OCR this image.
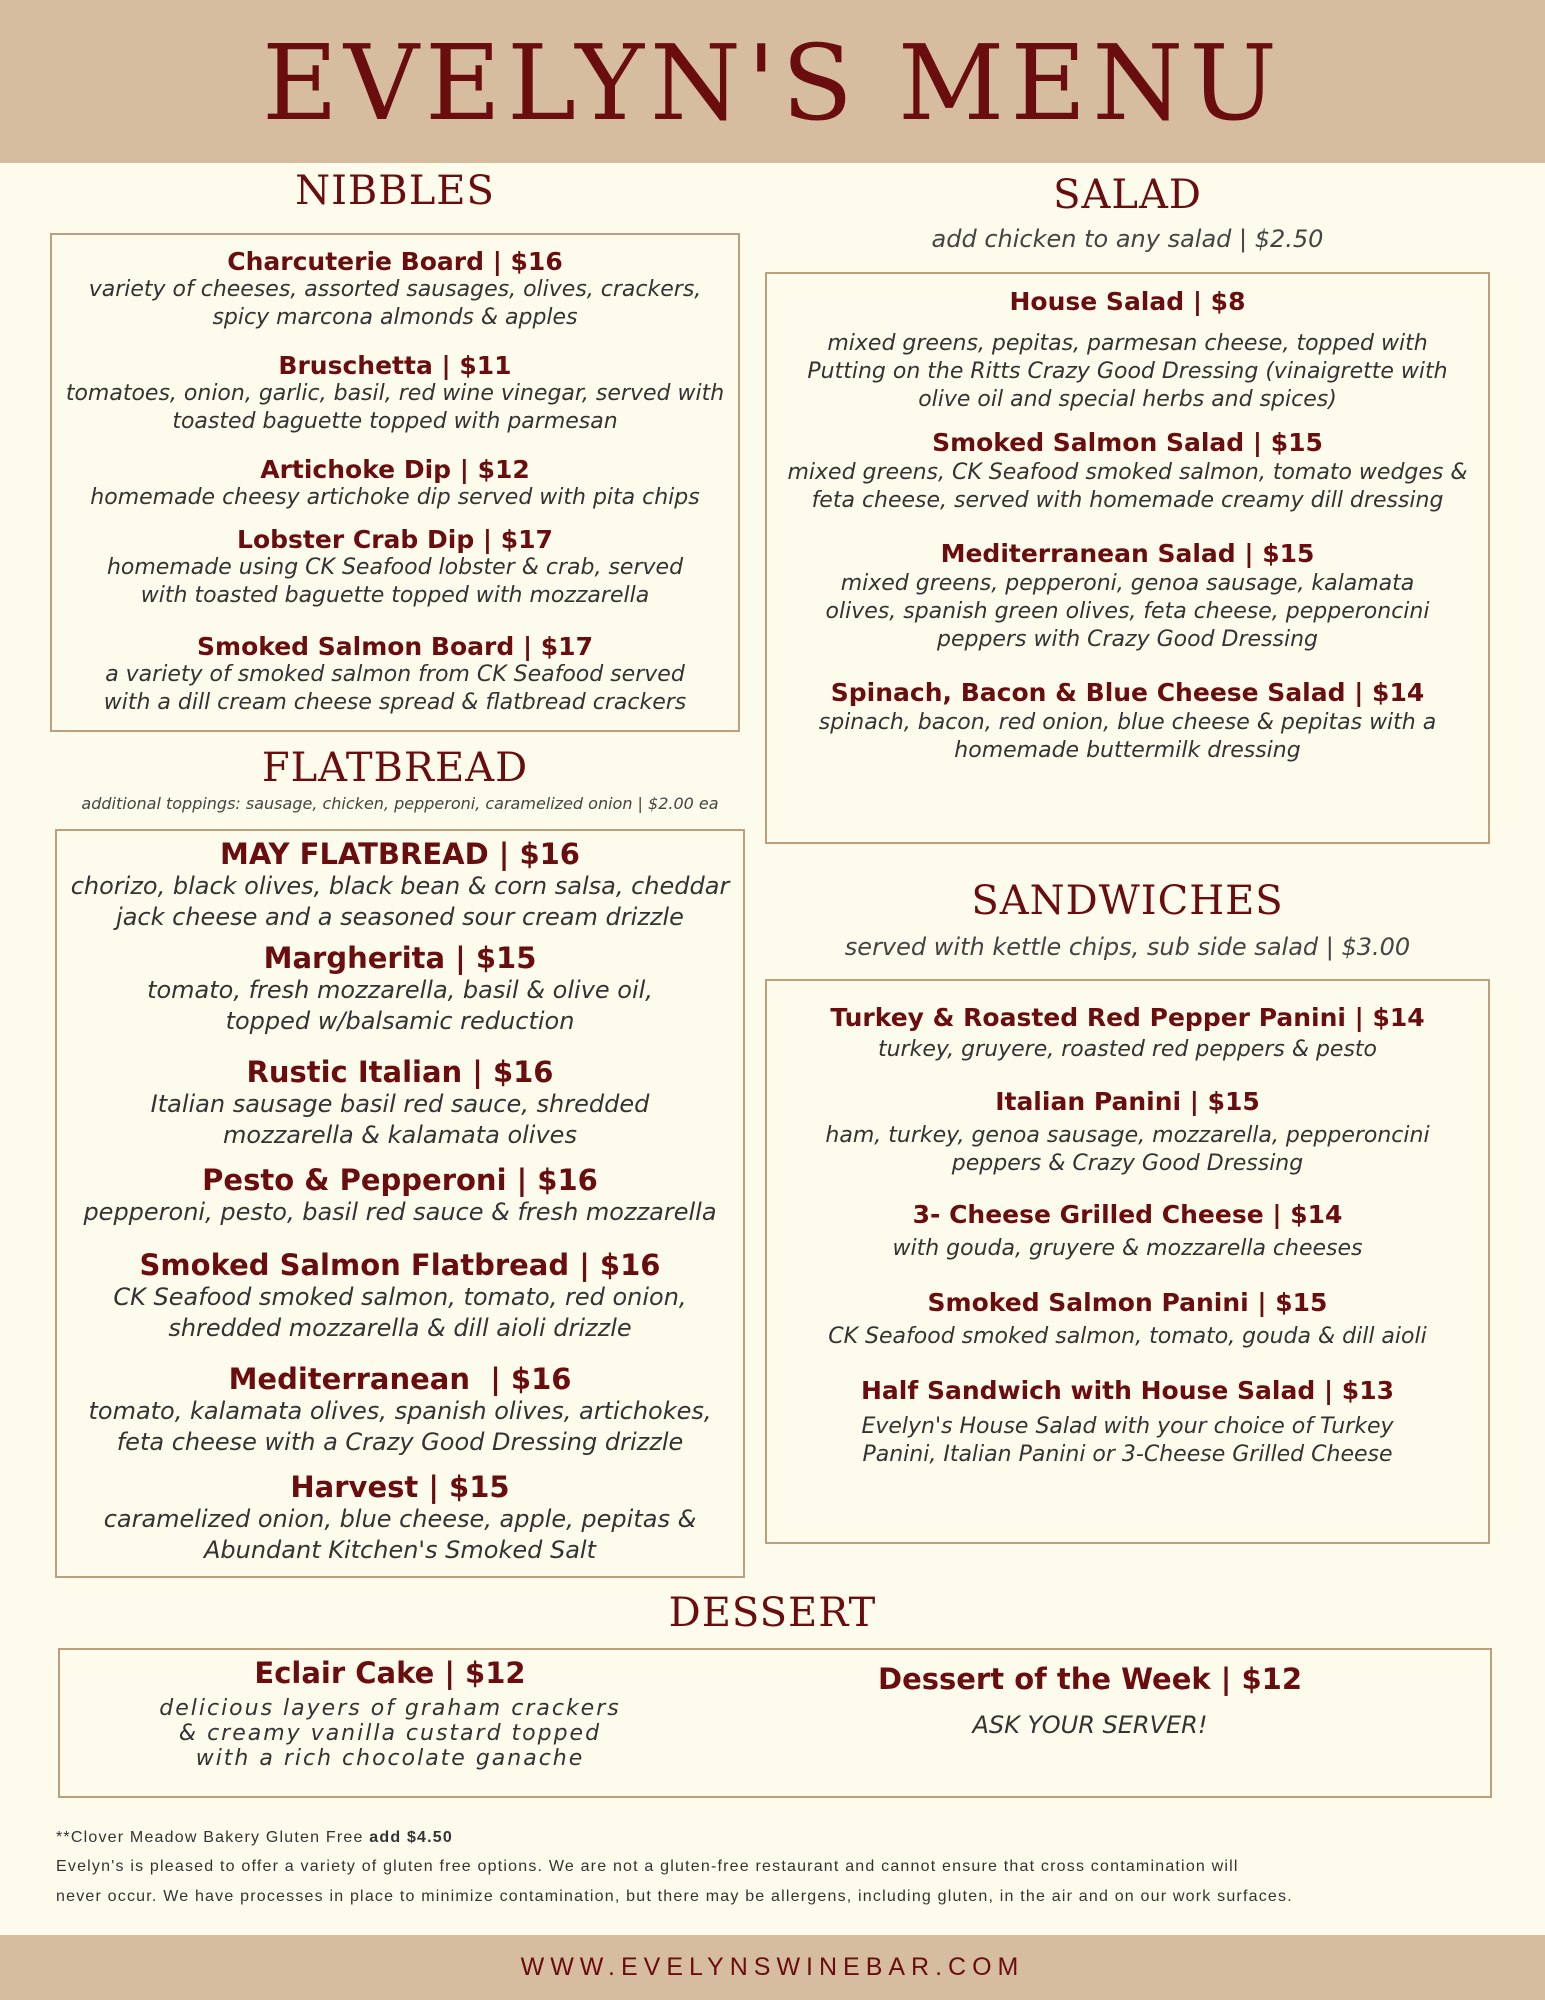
EVELYN'S MENU
NIBBLES
Charcuterie Board | $16
variety of cheeses, assorted sausages, olives, crackers,
spicy marcona almonds & apples
Bruschetta | $11
tomatoes, onion, garlic, basil, red wine vinegar, served with
toasted baguette topped with parmesan
Artichoke Dip | $12
homemade cheesy artichoke dip served with pita chips
Lobster Crab Dip | $17
homemade using CK Seafood lobster & crab, served
with toasted baguette topped with mozzarella
Smoked Salmon Board | $17
a variety of smoked salmon from CK Seafood served
with a dill cream cheese spread & flatbread crackers
FLATBREAD
additional toppings: sausage, chicken, pepperoni, caramelized onion | $2.00 ea
MAY FLATBREAD | $16
chorizo, black olives, black bean & corn salsa, cheddar
jack cheese and a seasoned sour cream drizzle
Margherita | $15
tomato, fresh mozzarella, basil & olive oil,
topped w/balsamic reduction
Rustic Italian | $16
Italian sausage basil red sauce, shredded
mozzarella & kalamata olives
Pesto & Pepperoni | $16
pepperoni, pesto, basil red sauce & fresh mozzarella
Smoked Salmon Flatbread | $16
CK Seafood smoked salmon, tomato, red onion,
shredded mozzarella & dill aioli drizzle
Mediterranean  | $16
tomato, kalamata olives, spanish olives, artichokes,
feta cheese with a Crazy Good Dressing drizzle
Harvest | $15
caramelized onion, blue cheese, apple, pepitas &
Abundant Kitchen's Smoked Salt
SALAD
add chicken to any salad | $2.50
House Salad | $8
mixed greens, pepitas, parmesan cheese, topped with
Putting on the Ritts Crazy Good Dressing (vinaigrette with
olive oil and special herbs and spices)
Smoked Salmon Salad | $15
mixed greens, CK Seafood smoked salmon, tomato wedges &
feta cheese, served with homemade creamy dill dressing
Mediterranean Salad | $15
mixed greens, pepperoni, genoa sausage, kalamata
olives, spanish green olives, feta cheese, pepperoncini
peppers with Crazy Good Dressing
Spinach, Bacon & Blue Cheese Salad | $14
spinach, bacon, red onion, blue cheese & pepitas with a
homemade buttermilk dressing
SANDWICHES
served with kettle chips, sub side salad | $3.00
Turkey & Roasted Red Pepper Panini | $14
turkey, gruyere, roasted red peppers & pesto
Italian Panini | $15
ham, turkey, genoa sausage, mozzarella, pepperoncini
peppers & Crazy Good Dressing
3- Cheese Grilled Cheese | $14
with gouda, gruyere & mozzarella cheeses
Smoked Salmon Panini | $15
CK Seafood smoked salmon, tomato, gouda & dill aioli
Half Sandwich with House Salad | $13
Evelyn's House Salad with your choice of Turkey
Panini, Italian Panini or 3-Cheese Grilled Cheese
DESSERT
Eclair Cake | $12
delicious layers of graham crackers
& creamy vanilla custard topped
with a rich chocolate ganache
Dessert of the Week | $12
ASK YOUR SERVER!
**Clover Meadow Bakery Gluten Free add $4.50
Evelyn's is pleased to offer a variety of gluten free options. We are not a gluten-free restaurant and cannot ensure that cross contamination will
never occur. We have processes in place to minimize contamination, but there may be allergens, including gluten, in the air and on our work surfaces.
WWW.EVELYNSWINEBAR.COM
